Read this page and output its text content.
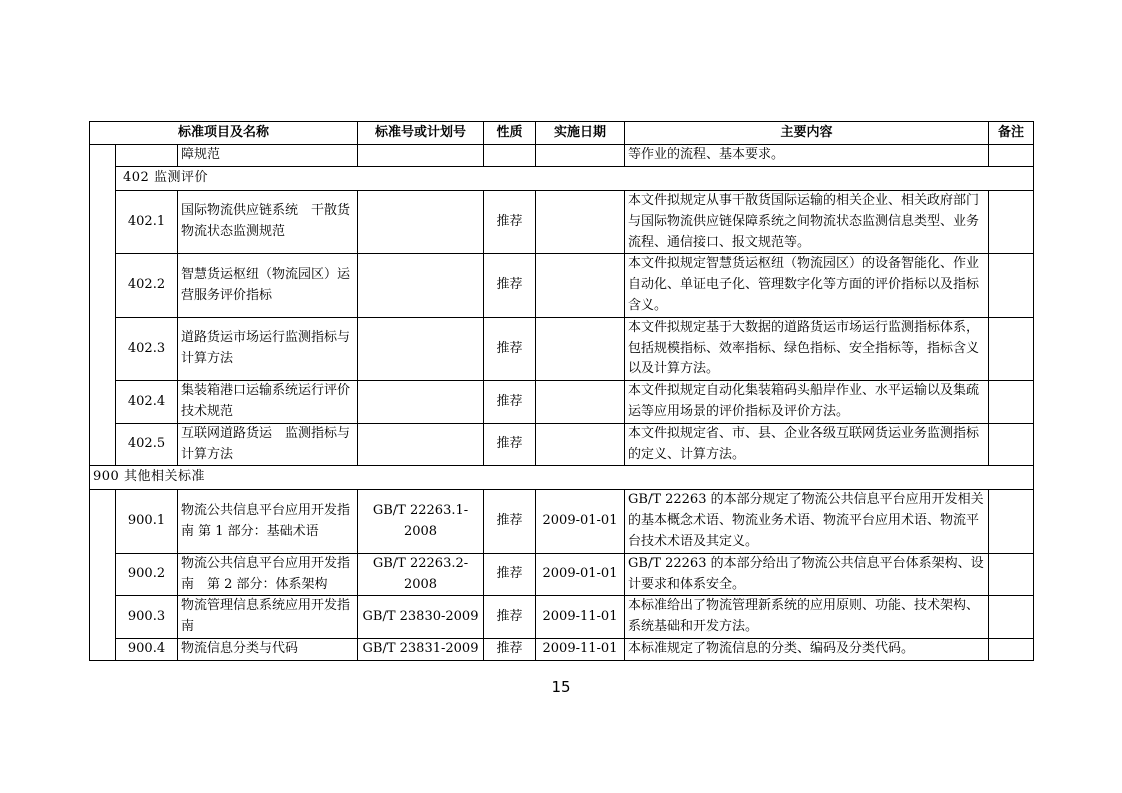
标准项目及名称			标准号或计划号	性质	实施日期	主要内容	备注
		障规范				等作业的流程、基本要求。	
	402 监测评价						
	402.1	国际物流供应链系统　干散货物流状态监测规范		推荐		本文件拟规定从事干散货国际运输的相关企业、相关政府部门与国际物流供应链保障系统之间物流状态监测信息类型、业务流程、通信接口、报文规范等。	
	402.2	智慧货运枢纽（物流园区）运营服务评价指标		推荐		本文件拟规定智慧货运枢纽（物流园区）的设备智能化、作业自动化、单证电子化、管理数字化等方面的评价指标以及指标含义。	
	402.3	道路货运市场运行监测指标与计算方法		推荐		本文件拟规定基于大数据的道路货运市场运行监测指标体系，包括规模指标、效率指标、绿色指标、安全指标等，指标含义以及计算方法。	
	402.4	集装箱港口运输系统运行评价技术规范		推荐		本文件拟规定自动化集装箱码头船岸作业、水平运输以及集疏运等应用场景的评价指标及评价方法。	
	402.5	互联网道路货运　监测指标与计算方法		推荐		本文件拟规定省、市、县、企业各级互联网货运业务监测指标的定义、计算方法。	
900 其他相关标准							
	900.1	物流公共信息平台应用开发指南 第 1 部分：基础术语	GB/T 22263.1-2008	推荐	2009-01-01	GB/T 22263 的本部分规定了物流公共信息平台应用开发相关的基本概念术语、物流业务术语、物流平台应用术语、物流平台技术术语及其定义。	
	900.2	物流公共信息平台应用开发指南　第 2 部分：体系架构	GB/T 22263.2-2008	推荐	2009-01-01	GB/T 22263 的本部分给出了物流公共信息平台体系架构、设计要求和体系安全。	
	900.3	物流管理信息系统应用开发指南	GB/T 23830-2009	推荐	2009-11-01	本标准给出了物流管理新系统的应用原则、功能、技术架构、系统基础和开发方法。	
	900.4	物流信息分类与代码	GB/T 23831-2009	推荐	2009-11-01	本标准规定了物流信息的分类、编码及分类代码。	
15
